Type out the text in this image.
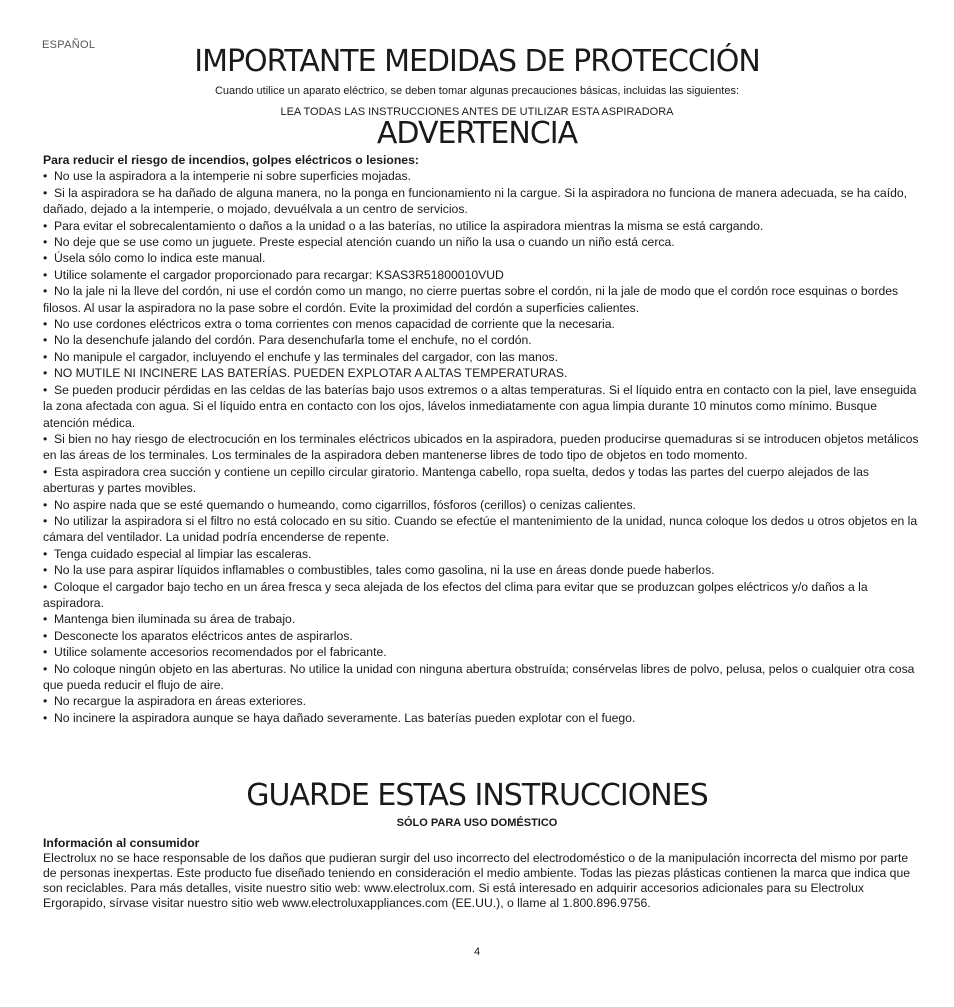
ESPAÑOL	IMPORTANTE MEDIDAS DE PROTECCIÓN
Cuando utilice un aparato eléctrico, se deben tomar algunas precauciones básicas, incluidas las siguientes:
LEA TODAS LAS INSTRUCCIONES ANTES DE UTILIZAR ESTA ASPIRADORA
ADVERTENCIA
Para reducir el riesgo de incendios, golpes eléctricos o lesiones:
• No use la aspiradora a la intemperie ni sobre superficies mojadas.
• Si la aspiradora se ha dañado de alguna manera, no la ponga en funcionamiento ni la cargue. Si la aspiradora no funciona de manera adecuada, se ha caído, dañado, dejado a la intemperie, o mojado, devuélvala a un centro de servicios.
• Para evitar el sobrecalentamiento o daños a la unidad o a las baterías, no utilice la aspiradora mientras la misma se está cargando.
• No deje que se use como un juguete. Preste especial atención cuando un niño la usa o cuando un niño está cerca.
• Úsela sólo como lo indica este manual.
• Utilice solamente el cargador proporcionado para recargar: KSAS3R51800010VUD
• No la jale ni la lleve del cordón, ni use el cordón como un mango, no cierre puertas sobre el cordón, ni la jale de modo que el cordón roce esquinas o bordes filosos. Al usar la aspiradora no la pase sobre el cordón. Evite la proximidad del cordón a superficies calientes.
• No use cordones eléctricos extra o toma corrientes con menos capacidad de corriente que la necesaria.
• No la desenchufe jalando del cordón. Para desenchufarla tome el enchufe, no el cordón.
• No manipule el cargador, incluyendo el enchufe y las terminales del cargador, con las manos.
• NO MUTILE NI INCINERE LAS BATERÍAS. PUEDEN EXPLOTAR A ALTAS TEMPERATURAS.
• Se pueden producir pérdidas en las celdas de las baterías bajo usos extremos o a altas temperaturas. Si el líquido entra en contacto con la piel, lave enseguida la zona afectada con agua. Si el líquido entra en contacto con los ojos, lávelos inmediatamente con agua limpia durante 10 minutos como mínimo. Busque atención médica.
• Si bien no hay riesgo de electrocución en los terminales eléctricos ubicados en la aspiradora, pueden producirse quemaduras si se introducen objetos metálicos en las áreas de los terminales. Los terminales de la aspiradora deben mantenerse libres de todo tipo de objetos en todo momento.
• Esta aspiradora crea succión y contiene un cepillo circular giratorio. Mantenga cabello, ropa suelta, dedos y todas las partes del cuerpo alejados de las aberturas y partes movibles.
• No aspire nada que se esté quemando o humeando, como cigarrillos, fósforos (cerillos) o cenizas calientes.
• No utilizar la aspiradora si el filtro no está colocado en su sitio. Cuando se efectúe el mantenimiento de la unidad, nunca coloque los dedos u otros objetos en la cámara del ventilador. La unidad podría encenderse de repente.
• Tenga cuidado especial al limpiar las escaleras.
• No la use para aspirar líquidos inflamables o combustibles, tales como gasolina, ni la use en áreas donde puede haberlos.
• Coloque el cargador bajo techo en un área fresca y seca alejada de los efectos del clima para evitar que se produzcan golpes eléctricos y/o daños a la aspiradora.
• Mantenga bien iluminada su área de trabajo.
• Desconecte los aparatos eléctricos antes de aspirarlos.
• Utilice solamente accesorios recomendados por el fabricante.
• No coloque ningún objeto en las aberturas. No utilice la unidad con ninguna abertura obstruída; consérvelas libres de polvo, pelusa, pelos o cualquier otra cosa que pueda reducir el flujo de aire.
• No recargue la aspiradora en áreas exteriores.
• No incinere la aspiradora aunque se haya dañado severamente. Las baterías pueden explotar con el fuego.
GUARDE ESTAS INSTRUCCIONES
SÓLO PARA USO DOMÉSTICO
Información al consumidor
Electrolux no se hace responsable de los daños que pudieran surgir del uso incorrecto del electrodoméstico o de la manipulación incorrecta del mismo por parte de personas inexpertas. Este producto fue diseñado teniendo en consideración el medio ambiente. Todas las piezas plásticas contienen la marca que indica que son reciclables. Para más detalles, visite nuestro sitio web: www.electrolux.com. Si está interesado en adquirir accesorios adicionales para su Electrolux Ergorapido, sírvase visitar nuestro sitio web www.electroluxappliances.com (EE.UU.), o llame al 1.800.896.9756.
4
